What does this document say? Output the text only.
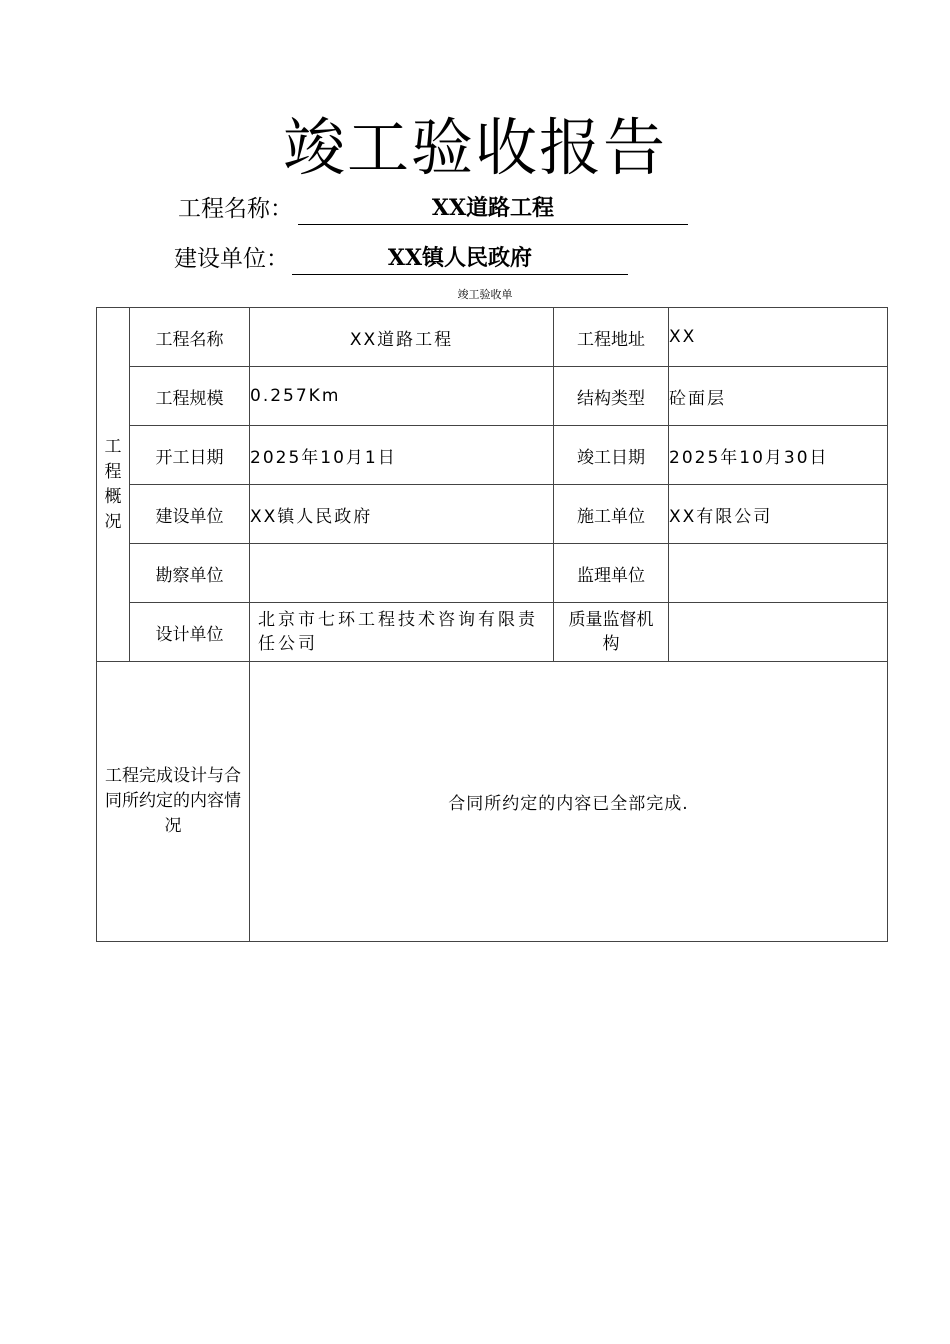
竣工验收报告
工程名称：	XX道路工程
建设单位：	XX镇人民政府
竣工验收单
工程概况	工程名称	XX道路工程	工程地址	XX
	工程规模	0.257Km	结构类型	砼面层
	开工日期	2025年10月1日	竣工日期	2025年10月30日
	建设单位	XX镇人民政府	施工单位	XX有限公司
	勘察单位		监理单位	
	设计单位	北京市七环工程技术咨询有限责任公司	质量监督机构	
工程完成设计与合同所约定的内容情况		合同所约定的内容已全部完成.		
